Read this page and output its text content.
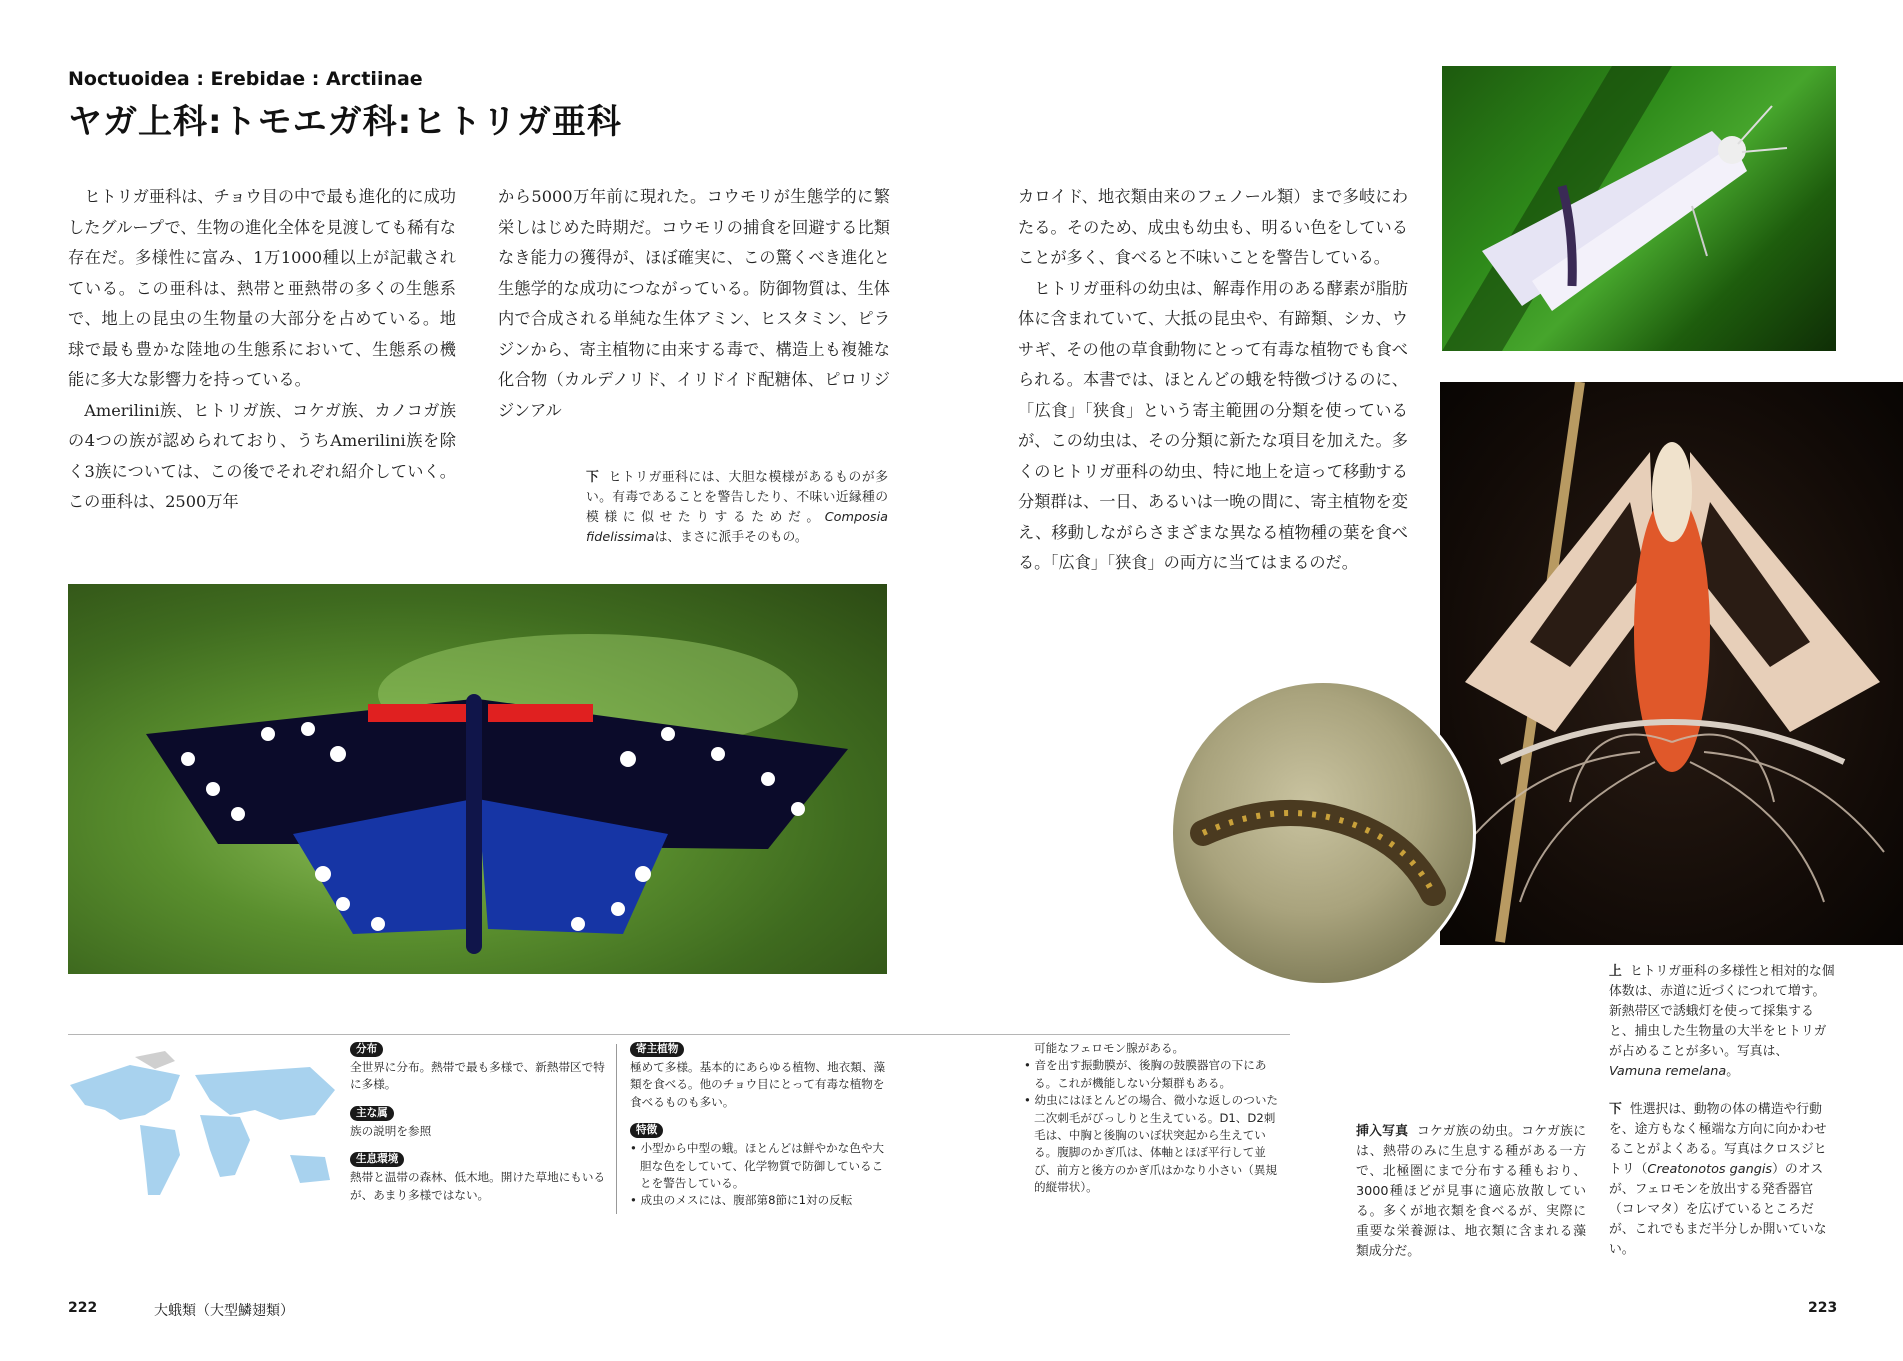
Noctuoidea : Erebidae : Arctiinae
ヤガ上科:トモエガ科:ヒトリガ亜科

ヒトリガ亜科は、チョウ目の中で最も進化的に成功したグループで、生物の進化全体を見渡しても稀有な存在だ。多様性に富み、1万1000種以上が記載されている。この亜科は、熱帯と亜熱帯の多くの生態系で、地上の昆虫の生物量の大部分を占めている。地球で最も豊かな陸地の生態系において、生態系の機能に多大な影響力を持っている。

Amerilini族、ヒトリガ族、コケガ族、カノコガ族の4つの族が認められており、うちAmerilini族を除く3族については、この後でそれぞれ紹介していく。この亜科は、2500万年

から5000万年前に現れた。コウモリが生態学的に繁栄しはじめた時期だ。コウモリの捕食を回避する比類なき能力の獲得が、ほぼ確実に、この驚くべき進化と生態学的な成功につながっている。防御物質は、生体内で合成される単純な生体アミン、ヒスタミン、ピラジンから、寄主植物に由来する毒で、構造上も複雑な化合物（カルデノリド、イリドイド配糖体、ピロリジジンアル

カロイド、地衣類由来のフェノール類）まで多岐にわたる。そのため、成虫も幼虫も、明るい色をしていることが多く、食べると不味いことを警告している。

ヒトリガ亜科の幼虫は、解毒作用のある酵素が脂肪体に含まれていて、大抵の昆虫や、有蹄類、シカ、ウサギ、その他の草食動物にとって有毒な植物でも食べられる。本書では、ほとんどの蛾を特徴づけるのに、「広食」「狭食」という寄主範囲の分類を使っているが、この幼虫は、その分類に新たな項目を加えた。多くのヒトリガ亜科の幼虫、特に地上を這って移動する分類群は、一日、あるいは一晩の間に、寄主植物を変え、移動しながらさまざまな異なる植物種の葉を食べる。「広食」「狭食」の両方に当てはまるのだ。

下 ヒトリガ亜科には、大胆な模様があるものが多い。有毒であることを警告したり、不味い近縁種の模様に似せたりするためだ。Composia fidelissimaは、まさに派手そのもの。
上 ヒトリガ亜科の多様性と相対的な個体数は、赤道に近づくにつれて増す。新熱帯区で誘蛾灯を使って採集すると、捕虫した生物量の大半をヒトリガが占めることが多い。写真は、Vamuna remelana。
下 性選択は、動物の体の構造や行動を、途方もなく極端な方向に向かわせることがよくある。写真はクロスジヒトリ（Creatonotos gangis）のオスが、フェロモンを放出する発香器官（コレマタ）を広げているところだが、これでもまだ半分しか開いていない。
挿入写真 コケガ族の幼虫。コケガ族には、熱帯のみに生息する種がある一方で、北極圏にまで分布する種もおり、3000種ほどが見事に適応放散している。多くが地衣類を食べるが、実際に重要な栄養源は、地衣類に含まれる藻類成分だ。
分布
全世界に分布。熱帯で最も多様で、新熱帯区で特に多様。
主な属
族の説明を参照
生息環境
熱帯と温帯の森林、低木地。開けた草地にもいるが、あまり多様ではない。
寄主植物
極めて多様。基本的にあらゆる植物、地衣類、藻類を食べる。他のチョウ目にとって有毒な植物を食べるものも多い。
特徴
• 小型から中型の蛾。ほとんどは鮮やかな色や大胆な色をしていて、化学物質で防御していることを警告している。
• 成虫のメスには、腹部第8節に1対の反転
可能なフェロモン腺がある。
• 音を出す振動膜が、後胸の鼓膜器官の下にある。これが機能しない分類群もある。
• 幼虫にはほとんどの場合、微小な返しのついた二次刺毛がびっしりと生えている。D1、D2刺毛は、中胸と後胸のいぼ状突起から生えている。腹脚のかぎ爪は、体軸とほぼ平行して並び、前方と後方のかぎ爪はかなり小さい（異規的縦帯状）。
222	大蛾類（大型鱗翅類）	223
